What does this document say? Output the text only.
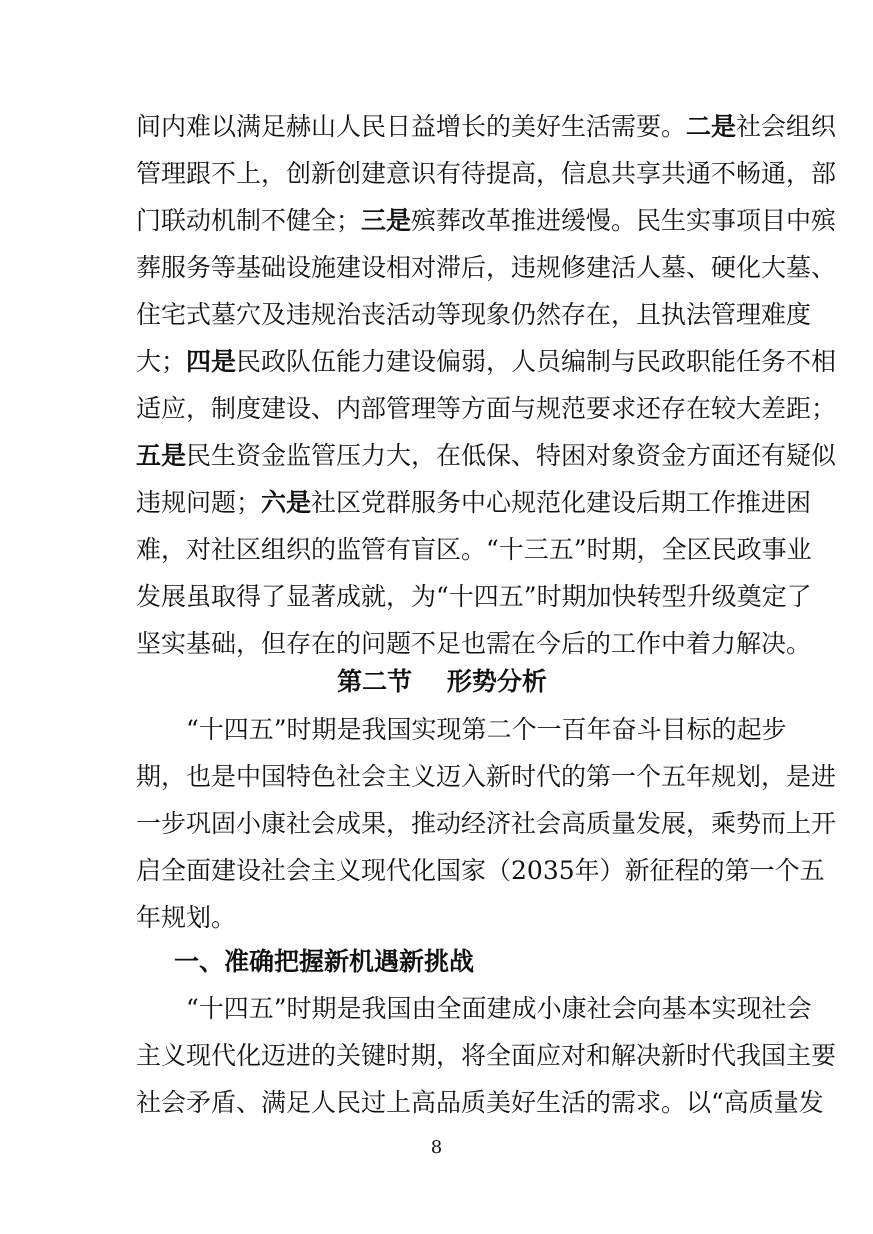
间内难以满足赫山人民日益增长的美好生活需要。二是社会组织
管理跟不上，创新创建意识有待提高，信息共享共通不畅通，部
门联动机制不健全；三是殡葬改革推进缓慢。民生实事项目中殡
葬服务等基础设施建设相对滞后，违规修建活人墓、硬化大墓、
住宅式墓穴及违规治丧活动等现象仍然存在，且执法管理难度
大；四是民政队伍能力建设偏弱，人员编制与民政职能任务不相
适应，制度建设、内部管理等方面与规范要求还存在较大差距；
五是民生资金监管压力大，在低保、特困对象资金方面还有疑似
违规问题；六是社区党群服务中心规范化建设后期工作推进困
难，对社区组织的监管有盲区。“十三五”时期，全区民政事业
发展虽取得了显著成就，为“十四五”时期加快转型升级奠定了
坚实基础，但存在的问题不足也需在今后的工作中着力解决。
第二节    形势分析
“十四五”时期是我国实现第二个一百年奋斗目标的起步
期，也是中国特色社会主义迈入新时代的第一个五年规划，是进
一步巩固小康社会成果，推动经济社会高质量发展，乘势而上开
启全面建设社会主义现代化国家（2035年）新征程的第一个五
年规划。
一、准确把握新机遇新挑战
“十四五”时期是我国由全面建成小康社会向基本实现社会
主义现代化迈进的关键时期，将全面应对和解决新时代我国主要
社会矛盾、满足人民过上高品质美好生活的需求。以“高质量发
8
